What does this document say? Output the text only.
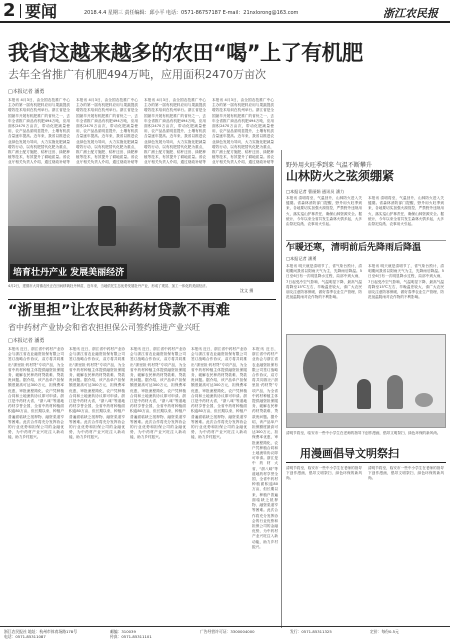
2 要闻	2018.4.4 星期三 责任编辑：邱小平 电话：0571-86757187 E-mail：21nxlorong@163.com	浙江农民报
我省这越来越多的农田“喝”上了有机肥
去年全省推广有机肥494万吨，应用面积2470万亩次
□本报记者 潘勇
本报讯 4月3日，由全国农技推广中心主办的第一届有机肥料应用与果蔬提质增效技术培训在杭州举行。浙江省是全国最早开展有机肥推广的省份之一，去年全省推广商品有机肥494万吨，应用面积2470万亩次，带动化肥减量使用，农产品品质明显提升，土壤有机质含量逐年提高。近年来，我省以推进农业绿色发展为导向，大力实施化肥减量增效行动，以有机肥替代化肥为重点，推广测土配方施肥、秸秆还田、绿肥种植等技术，有效提升了耕地质量。省农业厅相关负责人介绍，通过财政补贴等
本报讯 4月3日，由全国农技推广中心主办的第一届有机肥料应用与果蔬提质增效技术培训在杭州举行。浙江省是全国最早开展有机肥推广的省份之一，去年全省推广商品有机肥494万吨，应用面积2470万亩次，带动化肥减量使用，农产品品质明显提升，土壤有机质含量逐年提高。近年来，我省以推进农业绿色发展为导向，大力实施化肥减量增效行动，以有机肥替代化肥为重点，推广测土配方施肥、秸秆还田、绿肥种植等技术，有效提升了耕地质量。省农业厅相关负责人介绍，通过财政补贴等
本报讯 4月3日，由全国农技推广中心主办的第一届有机肥料应用与果蔬提质增效技术培训在杭州举行。浙江省是全国最早开展有机肥推广的省份之一，去年全省推广商品有机肥494万吨，应用面积2470万亩次，带动化肥减量使用，农产品品质明显提升，土壤有机质含量逐年提高。近年来，我省以推进农业绿色发展为导向，大力实施化肥减量增效行动，以有机肥替代化肥为重点，推广测土配方施肥、秸秆还田、绿肥种植等技术，有效提升了耕地质量。省农业厅相关负责人介绍，通过财政补贴等
本报讯 4月3日，由全国农技推广中心主办的第一届有机肥料应用与果蔬提质增效技术培训在杭州举行。浙江省是全国最早开展有机肥推广的省份之一，去年全省推广商品有机肥494万吨，应用面积2470万亩次，带动化肥减量使用，农产品品质明显提升，土壤有机质含量逐年提高。近年来，我省以推进农业绿色发展为导向，大力实施化肥减量增效行动，以有机肥替代化肥为重点，推广测土配方施肥、秸秆还田、绿肥种植等技术，有效提升了耕地质量。省农业厅相关负责人介绍，通过财政补贴等
培育壮丹产业 发展美丽经济
4月2日，建德市大同镇农民正在田间移栽牡丹种苗，近年来，当地依托生态优势发展牡丹产业，形成了观赏、加工一体化的美丽经济。
沈文 摄
野外用火旺季到来 气温不断攀升
山林防火之弦须绷紧
□本报记者 曹丽娟 通讯员 潘力
本报讯 清明将至，气温回升，山林防火进入关键期。省森林消防部门提醒，野外用火旺季到来，各地要切实加强火源管控，严禁野外违规用火，落实巡山护林责任，确保山林资源安全。据统计，今年以来全省共发生森林火情多起，大多由祭祀烧纸、农事用火引起。
本报讯 清明将至，气温回升，山林防火进入关键期。省森林消防部门提醒，野外用火旺季到来，各地要切实加强火源管控，严禁野外违规用火，落实巡山护林责任，确保山林资源安全。据统计，今年以来全省共发生森林火情多起，大多由祭祀烧纸、农事用火引起。
乍暖还寒，清明前后先降雨后降温
□本报记者 潘勇
本报讯 明天就是清明节了，省气象台预计，清明期间我省以阴雨天气为主，先降雨后降温。5日至6日有一次明显降水过程，局部中到大雨，7日起受冷空气影响，气温明显下降，最高气温将降至15℃左右，早晚温差较大，请广大农民朋友注意防寒保暖，做好春季农业生产管理，防范低温阴雨对农作物的不利影响。
本报讯 明天就是清明节了，省气象台预计，清明期间我省以阴雨天气为主，先降雨后降温。5日至6日有一次明显降水过程，局部中到大雨，7日起受冷空气影响，气温明显下降，最高气温将降至15℃左右，早晚温差较大，请广大农民朋友注意防寒保暖，做好春季农业生产管理，防范低温阴雨对农作物的不利影响。
“浙里担”让农民种药材贷款不再难
省中药材产业协会和省农担担保公司签约推进产业兴旺
□本报记者 潘勇
本报讯 近日，浙江省中药材产业协会与浙江省农业融资担保有限公司签订战略合作协议，双方将共同推出“浙里担·药材贷”专项产品，为全省中药材种植主体提供融资担保服务，破解农民种药材贷款难、贷款贵问题。据介绍，该产品单户担保额度最高可达300万元，担保费率优惠，审批流程简化，农户凭种植合同和土地流转协议即可申请。浙江是中药材大省，“浙八味”等道地药材享誉全国，全省中药材种植面积逾80万亩，但长期以来，种植户普遍面临缺乏抵押物、融资渠道窄等困难。此次合作将充分发挥协会的行业优势和担保公司的金融优势，为中药材产业兴旺注入新动能，助力乡村振兴。
本报讯 近日，浙江省中药材产业协会与浙江省农业融资担保有限公司签订战略合作协议，双方将共同推出“浙里担·药材贷”专项产品，为全省中药材种植主体提供融资担保服务，破解农民种药材贷款难、贷款贵问题。据介绍，该产品单户担保额度最高可达300万元，担保费率优惠，审批流程简化，农户凭种植合同和土地流转协议即可申请。浙江是中药材大省，“浙八味”等道地药材享誉全国，全省中药材种植面积逾80万亩，但长期以来，种植户普遍面临缺乏抵押物、融资渠道窄等困难。此次合作将充分发挥协会的行业优势和担保公司的金融优势，为中药材产业兴旺注入新动能，助力乡村振兴。
本报讯 近日，浙江省中药材产业协会与浙江省农业融资担保有限公司签订战略合作协议，双方将共同推出“浙里担·药材贷”专项产品，为全省中药材种植主体提供融资担保服务，破解农民种药材贷款难、贷款贵问题。据介绍，该产品单户担保额度最高可达300万元，担保费率优惠，审批流程简化，农户凭种植合同和土地流转协议即可申请。浙江是中药材大省，“浙八味”等道地药材享誉全国，全省中药材种植面积逾80万亩，但长期以来，种植户普遍面临缺乏抵押物、融资渠道窄等困难。此次合作将充分发挥协会的行业优势和担保公司的金融优势，为中药材产业兴旺注入新动能，助力乡村振兴。
本报讯 近日，浙江省中药材产业协会与浙江省农业融资担保有限公司签订战略合作协议，双方将共同推出“浙里担·药材贷”专项产品，为全省中药材种植主体提供融资担保服务，破解农民种药材贷款难、贷款贵问题。据介绍，该产品单户担保额度最高可达300万元，担保费率优惠，审批流程简化，农户凭种植合同和土地流转协议即可申请。浙江是中药材大省，“浙八味”等道地药材享誉全国，全省中药材种植面积逾80万亩，但长期以来，种植户普遍面临缺乏抵押物、融资渠道窄等困难。此次合作将充分发挥协会的行业优势和担保公司的金融优势，为中药材产业兴旺注入新动能，助力乡村振兴。
本报讯 近日，浙江省中药材产业协会与浙江省农业融资担保有限公司签订战略合作协议，双方将共同推出“浙里担·药材贷”专项产品，为全省中药材种植主体提供融资担保服务，破解农民种药材贷款难、贷款贵问题。据介绍，该产品单户担保额度最高可达300万元，担保费率优惠，审批流程简化，农户凭种植合同和土地流转协议即可申请。浙江是中药材大省，“浙八味”等道地药材享誉全国，全省中药材种植面积逾80万亩，但长期以来，种植户普遍面临缺乏抵押物、融资渠道窄等困难。此次合作将充分发挥协会的行业优势和担保公司的金融优势，为中药材产业兴旺注入新动能，助力乡村振兴。
清明节将至，临安市一些中小学生在老师的指导下创作漫画，倡导文明祭扫、绿色环保的新风尚。
用漫画倡导文明祭扫
清明节将至，临安市一些中小学生在老师的指导下创作漫画，倡导文明祭扫、绿色环保的新风尚。
清明节将至，临安市一些中小学生在老师的指导下创作漫画，倡导文明祭扫、绿色环保的新风尚。
浙江农民报社 地址：杭州市体育场路178号
电话：0571-85311087
邮编：310039
传真：0571-85311101
广告经营许可证：3300004000	发行：0571-85311325	定价：每份0.5元
